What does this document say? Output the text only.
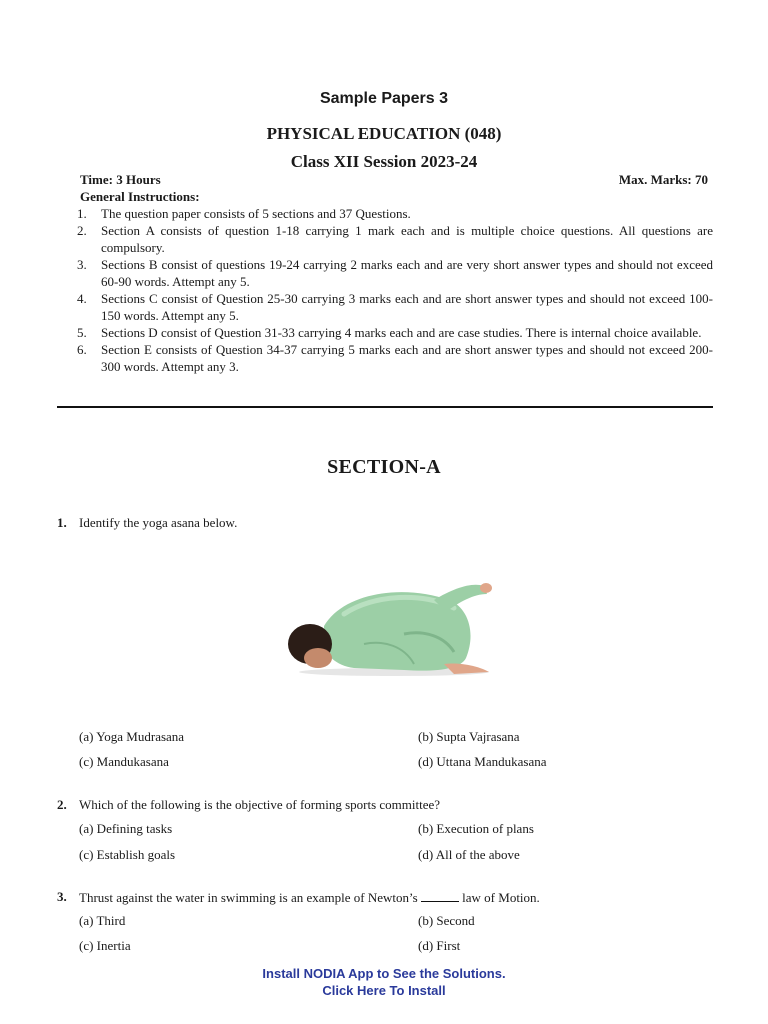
Sample Papers 3
PHYSICAL EDUCATION (048)
Class XII Session 2023-24
Time: 3 Hours	Max. Marks: 70
General Instructions:
1. The question paper consists of 5 sections and 37 Questions.
2. Section A consists of question 1-18 carrying 1 mark each and is multiple choice questions. All questions are compulsory.
3. Sections B consist of questions 19-24 carrying 2 marks each and are very short answer types and should not exceed 60-90 words. Attempt any 5.
4. Sections C consist of Question 25-30 carrying 3 marks each and are short answer types and should not exceed 100-150 words. Attempt any 5.
5. Sections D consist of Question 31-33 carrying 4 marks each and are case studies. There is internal choice available.
6. Section E consists of Question 34-37 carrying 5 marks each and are short answer types and should not exceed 200-300 words. Attempt any 3.
SECTION-A
1. Identify the yoga asana below.
(a) Yoga Mudrasana	(b) Supta Vajrasana
(c) Mandukasana	(d) Uttana Mandukasana
2. Which of the following is the objective of forming sports committee?
(a) Defining tasks	(b) Execution of plans
(c) Establish goals	(d) All of the above
3. Thrust against the water in swimming is an example of Newton’s	law of Motion.
(a) Third	(b) Second
(c) Inertia	(d) First
Install NODIA App to See the Solutions.
Click Here To Install
